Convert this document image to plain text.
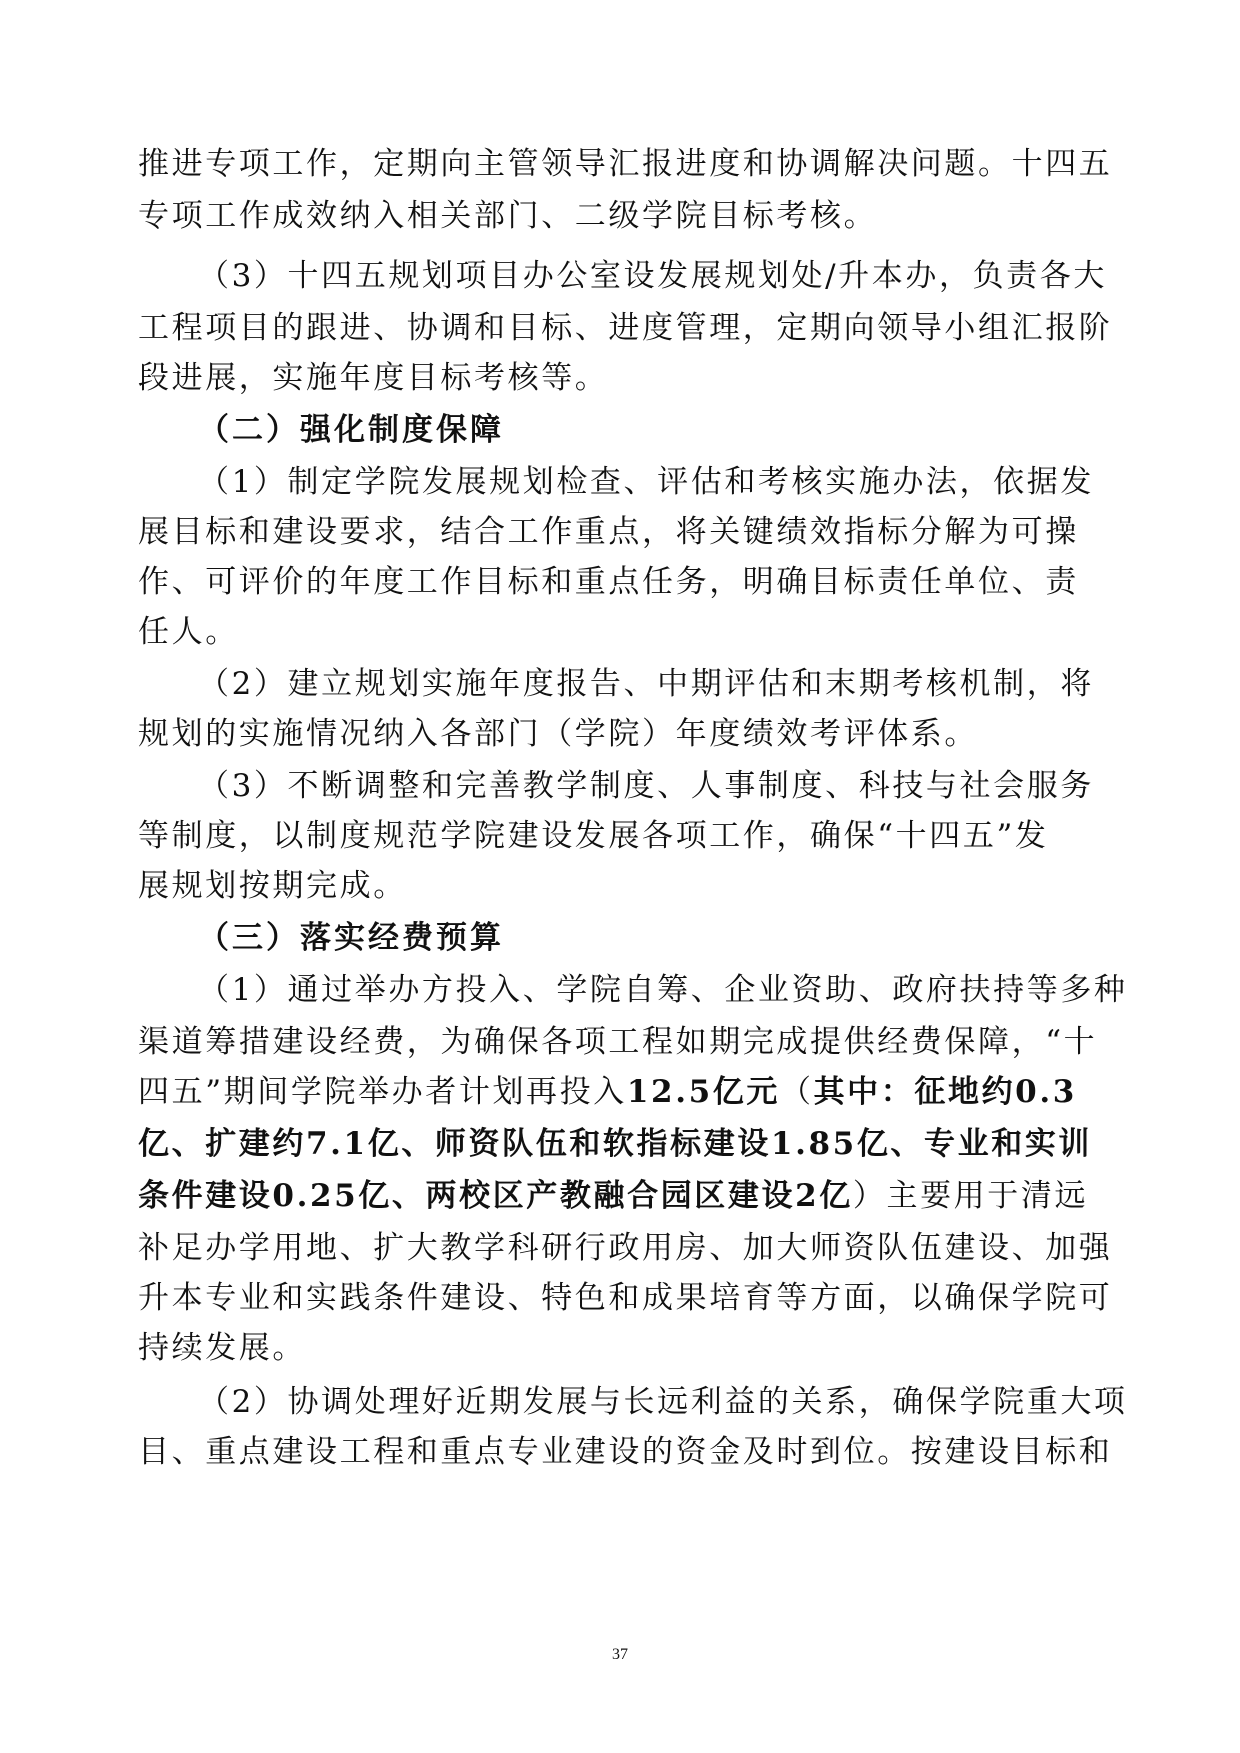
推进专项工作，定期向主管领导汇报进度和协调解决问题。十四五
专项工作成效纳入相关部门、二级学院目标考核。
（3）十四五规划项目办公室设发展规划处/升本办，负责各大
工程项目的跟进、协调和目标、进度管理，定期向领导小组汇报阶
段进展，实施年度目标考核等。
（二）强化制度保障
（1）制定学院发展规划检查、评估和考核实施办法，依据发
展目标和建设要求，结合工作重点，将关键绩效指标分解为可操
作、可评价的年度工作目标和重点任务，明确目标责任单位、责
任人。
（2）建立规划实施年度报告、中期评估和末期考核机制，将
规划的实施情况纳入各部门（学院）年度绩效考评体系。
（3）不断调整和完善教学制度、人事制度、科技与社会服务
等制度，以制度规范学院建设发展各项工作，确保“十四五”发
展规划按期完成。
（三）落实经费预算
（1）通过举办方投入、学院自筹、企业资助、政府扶持等多种
渠道筹措建设经费，为确保各项工程如期完成提供经费保障，“十
四五”期间学院举办者计划再投入12.5亿元（其中：征地约0.3
亿、扩建约7.1亿、师资队伍和软指标建设1.85亿、专业和实训
条件建设0.25亿、两校区产教融合园区建设2亿）主要用于清远
补足办学用地、扩大教学科研行政用房、加大师资队伍建设、加强
升本专业和实践条件建设、特色和成果培育等方面，以确保学院可
持续发展。
（2）协调处理好近期发展与长远利益的关系，确保学院重大项
目、重点建设工程和重点专业建设的资金及时到位。按建设目标和
37
